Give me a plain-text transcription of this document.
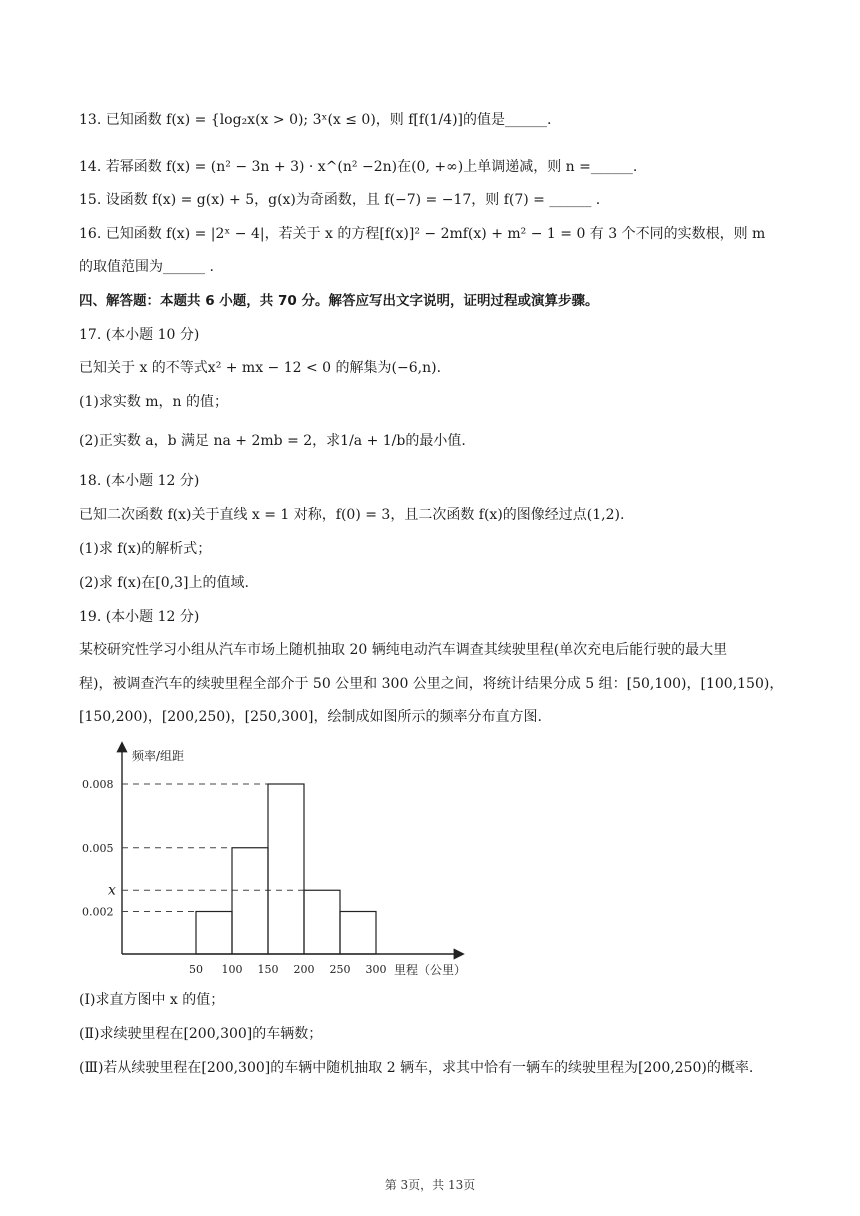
13. 已知函数 f(x) = {log₂x(x > 0); 3ˣ(x ≤ 0)，则 f[f(1/4)]的值是______.
14. 若幂函数 f(x) = (n² − 3n + 3) · x^(n² −2n)在(0, +∞)上单调递减，则 n =______.
15. 设函数 f(x) = g(x) + 5，g(x)为奇函数，且 f(−7) = −17，则 f(7) = ______ .
16. 已知函数 f(x) = |2ˣ − 4|，若关于 x 的方程[f(x)]² − 2mf(x) + m² − 1 = 0 有 3 个不同的实数根，则 m
的取值范围为______ .
四、解答题：本题共 6 小题，共 70 分。解答应写出文字说明，证明过程或演算步骤。
17. (本小题 10 分)
已知关于 x 的不等式x² + mx − 12 < 0 的解集为(−6,n).
(1)求实数 m，n 的值；
(2)正实数 a，b 满足 na + 2mb = 2，求1/a + 1/b的最小值.
18. (本小题 12 分)
已知二次函数 f(x)关于直线 x = 1 对称，f(0) = 3，且二次函数 f(x)的图像经过点(1,2).
(1)求 f(x)的解析式；
(2)求 f(x)在[0,3]上的值域.
19. (本小题 12 分)
某校研究性学习小组从汽车市场上随机抽取 20 辆纯电动汽车调查其续驶里程(单次充电后能行驶的最大里
程)，被调查汽车的续驶里程全部介于 50 公里和 300 公里之间，将统计结果分成 5 组：[50,100)，[100,150)，
[150,200)，[200,250)，[250,300]，绘制成如图所示的频率分布直方图.
频率/组距
里程（公里）
0.008
0.005
x
0.002
50 100 150 200 250 300
(Ⅰ)求直方图中 x 的值；
(Ⅱ)求续驶里程在[200,300]的车辆数；
(Ⅲ)若从续驶里程在[200,300]的车辆中随机抽取 2 辆车，求其中恰有一辆车的续驶里程为[200,250)的概率.
第 3页，共 13页
